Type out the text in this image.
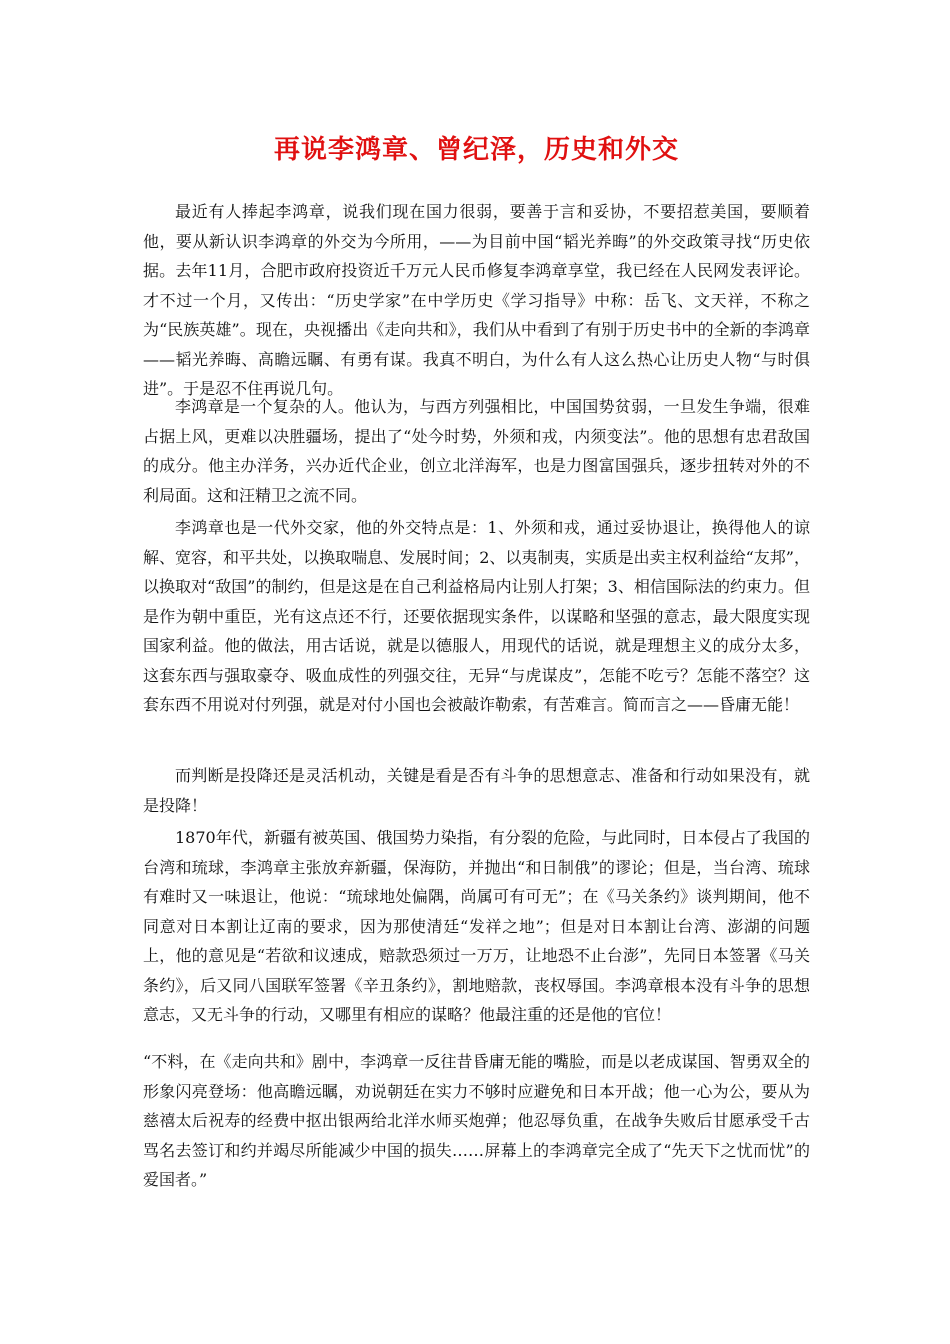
再说李鸿章、曾纪泽，历史和外交

最近有人捧起李鸿章，说我们现在国力很弱，要善于言和妥协，不要招惹美国，要顺着他，要从新认识李鸿章的外交为今所用，——为目前中国“韬光养晦”的外交政策寻找“历史依据。去年11月，合肥市政府投资近千万元人民币修复李鸿章享堂，我已经在人民网发表评论。才不过一个月，又传出：“历史学家”在中学历史《学习指导》中称：岳飞、文天祥，不称之为“民族英雄”。现在，央视播出《走向共和》，我们从中看到了有别于历史书中的全新的李鸿章——韬光养晦、高瞻远瞩、有勇有谋。我真不明白，为什么有人这么热心让历史人物“与时俱进”。于是忍不住再说几句。

李鸿章是一个复杂的人。他认为，与西方列强相比，中国国势贫弱，一旦发生争端，很难占据上风，更难以决胜疆场，提出了“处今时势，外须和戎，内须变法”。他的思想有忠君敌国的成分。他主办洋务，兴办近代企业，创立北洋海军，也是力图富国强兵，逐步扭转对外的不利局面。这和汪精卫之流不同。

李鸿章也是一代外交家，他的外交特点是：1、外须和戎，通过妥协退让，换得他人的谅解、宽容，和平共处，以换取喘息、发展时间；2、以夷制夷，实质是出卖主权利益给“友邦”，以换取对“敌国”的制约，但是这是在自己利益格局内让别人打架；3、相信国际法的约束力。但是作为朝中重臣，光有这点还不行，还要依据现实条件，以谋略和坚强的意志，最大限度实现国家利益。他的做法，用古话说，就是以德服人，用现代的话说，就是理想主义的成分太多，这套东西与强取豪夺、吸血成性的列强交往，无异“与虎谋皮”，怎能不吃亏？怎能不落空？这套东西不用说对付列强，就是对付小国也会被敲诈勒索，有苦难言。简而言之——昏庸无能！

而判断是投降还是灵活机动，关键是看是否有斗争的思想意志、准备和行动如果没有，就是投降！

1870年代，新疆有被英国、俄国势力染指，有分裂的危险，与此同时，日本侵占了我国的台湾和琉球，李鸿章主张放弃新疆，保海防，并抛出“和日制俄”的谬论；但是，当台湾、琉球有难时又一味退让，他说：“琉球地处偏隅，尚属可有可无”；在《马关条约》谈判期间，他不同意对日本割让辽南的要求，因为那使清廷“发祥之地”；但是对日本割让台湾、澎湖的问题上，他的意见是“若欲和议速成，赔款恐须过一万万，让地恐不止台澎”，先同日本签署《马关条约》，后又同八国联军签署《辛丑条约》，割地赔款，丧权辱国。李鸿章根本没有斗争的思想意志，又无斗争的行动，又哪里有相应的谋略？他最注重的还是他的官位！

“不料，在《走向共和》剧中，李鸿章一反往昔昏庸无能的嘴脸，而是以老成谋国、智勇双全的形象闪亮登场：他高瞻远瞩，劝说朝廷在实力不够时应避免和日本开战；他一心为公，要从为慈禧太后祝寿的经费中抠出银两给北洋水师买炮弹；他忍辱负重，在战争失败后甘愿承受千古骂名去签订和约并竭尽所能减少中国的损失……屏幕上的李鸿章完全成了“先天下之忧而忧”的爱国者。”
